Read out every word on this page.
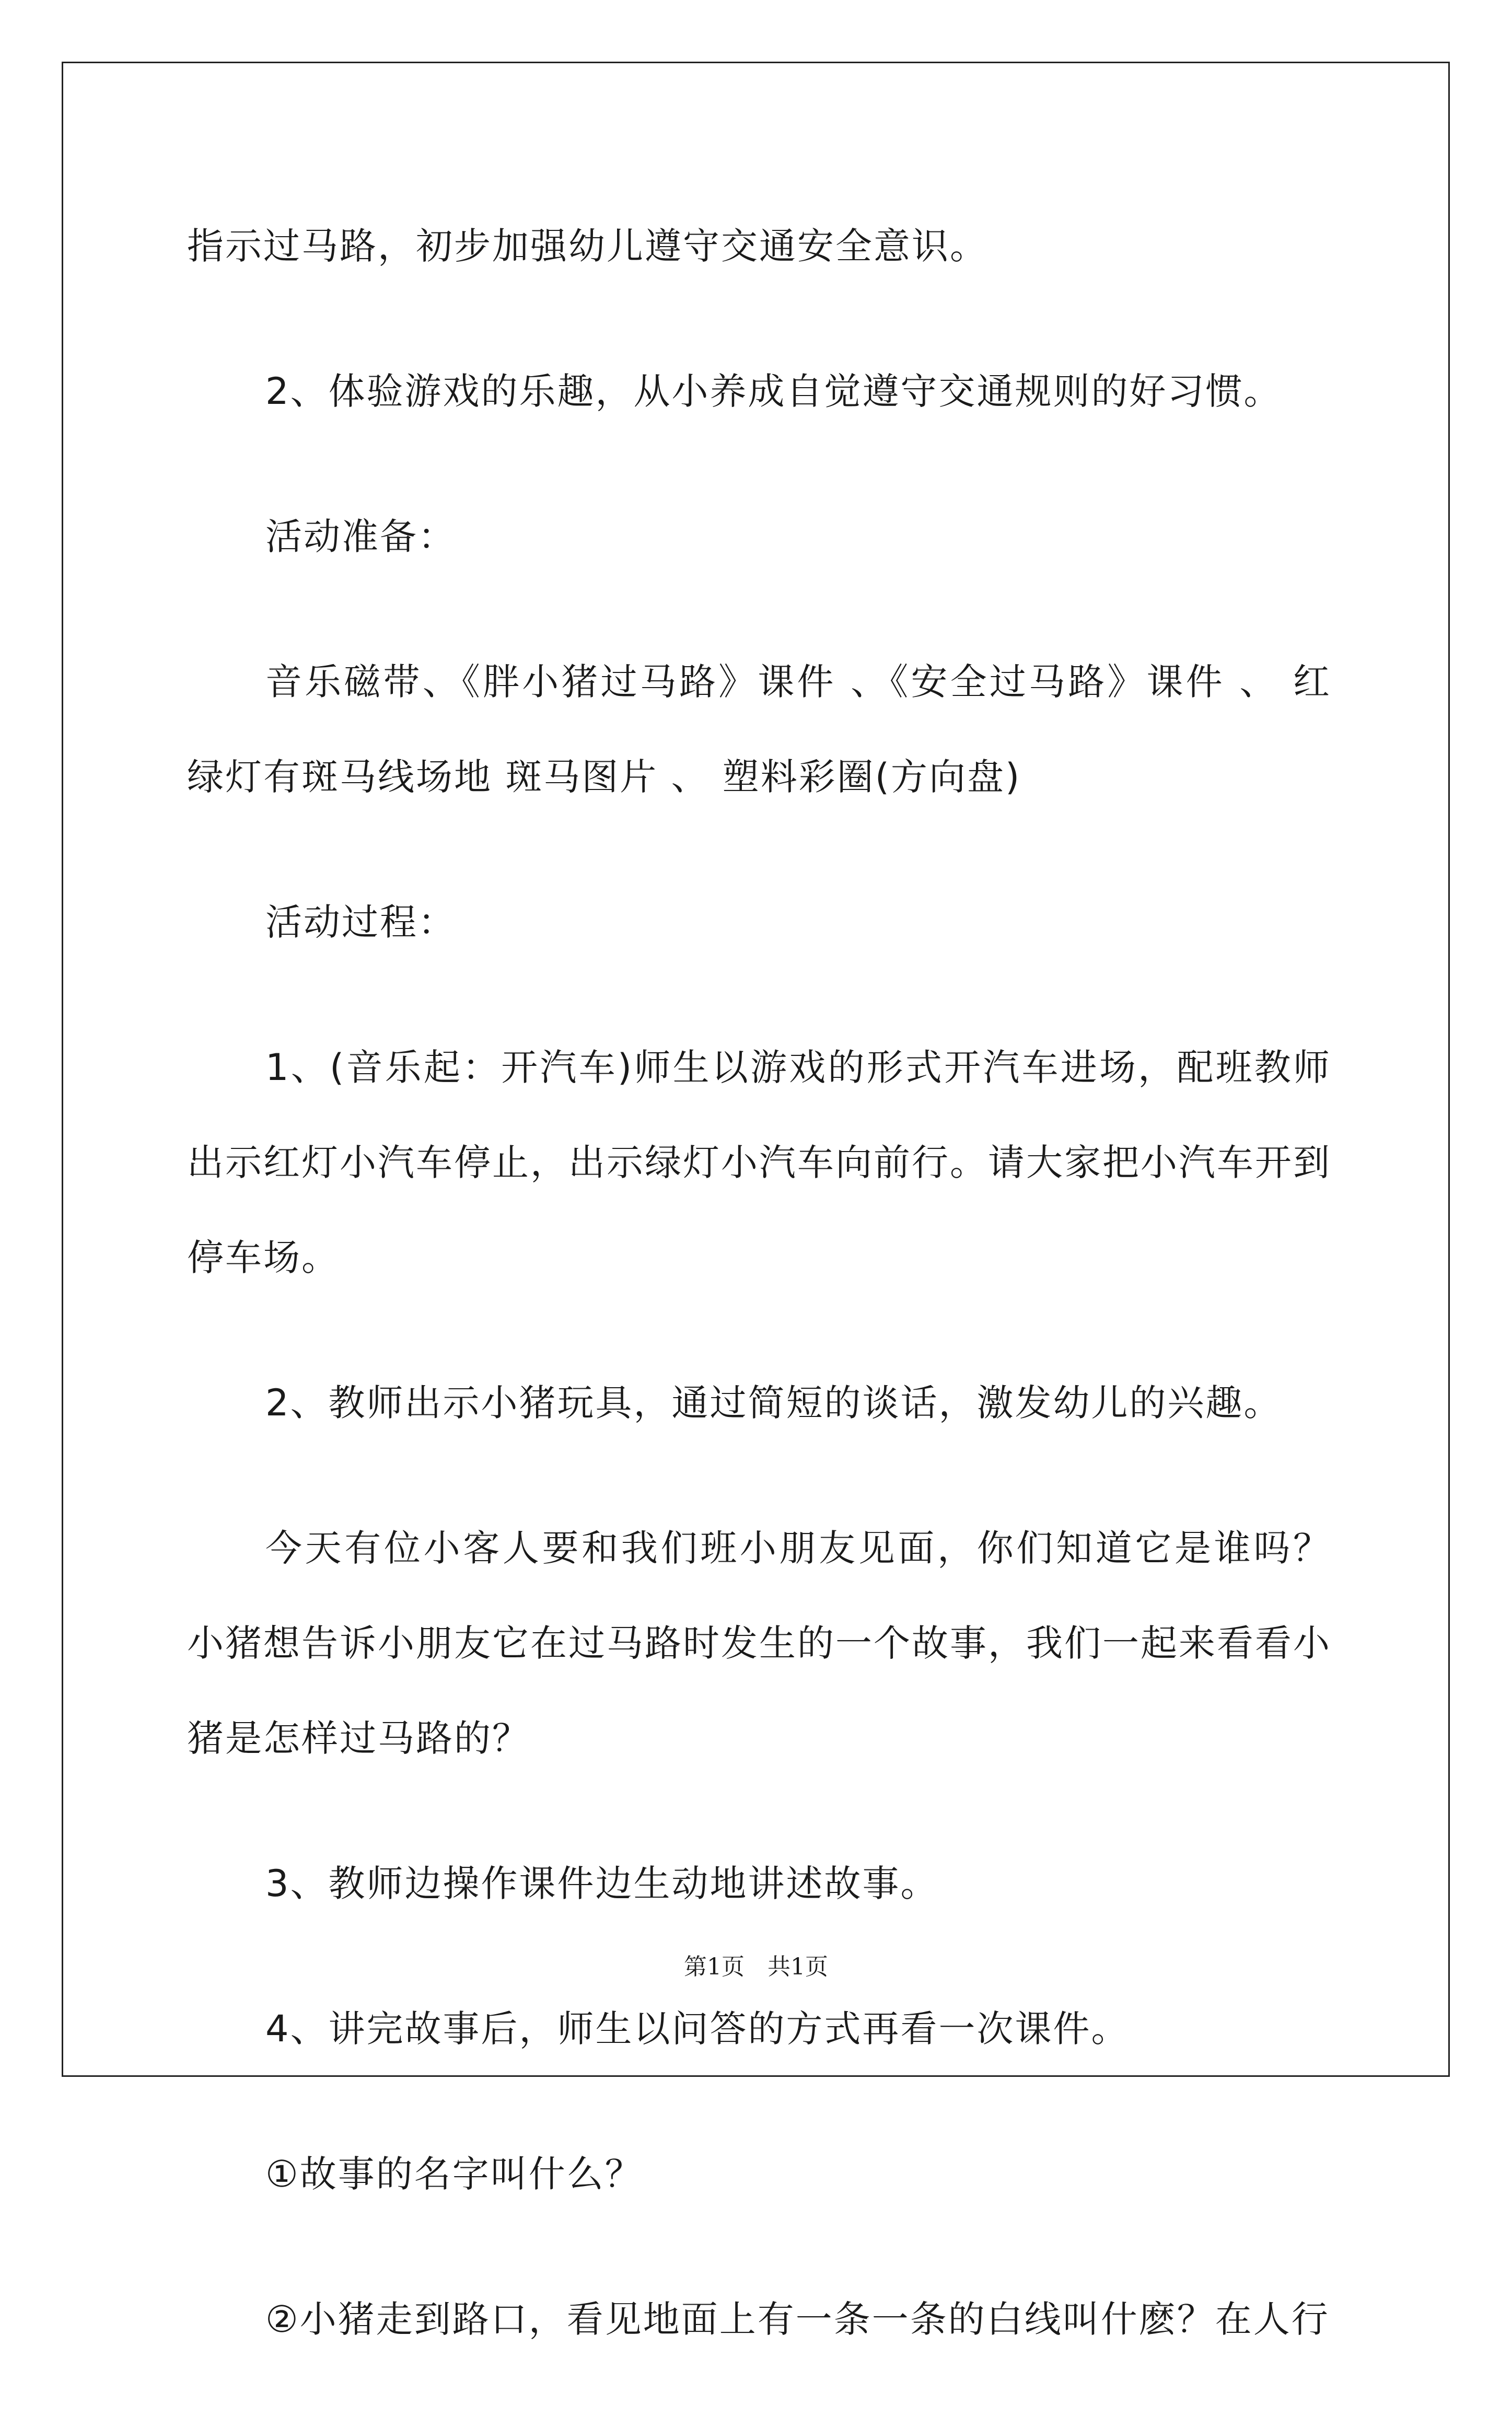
指示过马路，初步加强幼儿遵守交通安全意识。

2、体验游戏的乐趣，从小养成自觉遵守交通规则的好习惯。

活动准备：

音乐磁带、《胖小猪过马路》课件 、《安全过马路》课件 、 红绿灯有斑马线场地 斑马图片 、 塑料彩圈(方向盘)

活动过程：

1、(音乐起：开汽车)师生以游戏的形式开汽车进场，配班教师出示红灯小汽车停止，出示绿灯小汽车向前行。请大家把小汽车开到停车场。

2、教师出示小猪玩具，通过简短的谈话，激发幼儿的兴趣。

今天有位小客人要和我们班小朋友见面，你们知道它是谁吗？小猪想告诉小朋友它在过马路时发生的一个故事，我们一起来看看小猪是怎样过马路的？

3、教师边操作课件边生动地讲述故事。

4、讲完故事后，师生以问答的方式再看一次课件。

①故事的名字叫什么？

②小猪走到路口，看见地面上有一条一条的白线叫什麽？在人行

第1页　共1页
